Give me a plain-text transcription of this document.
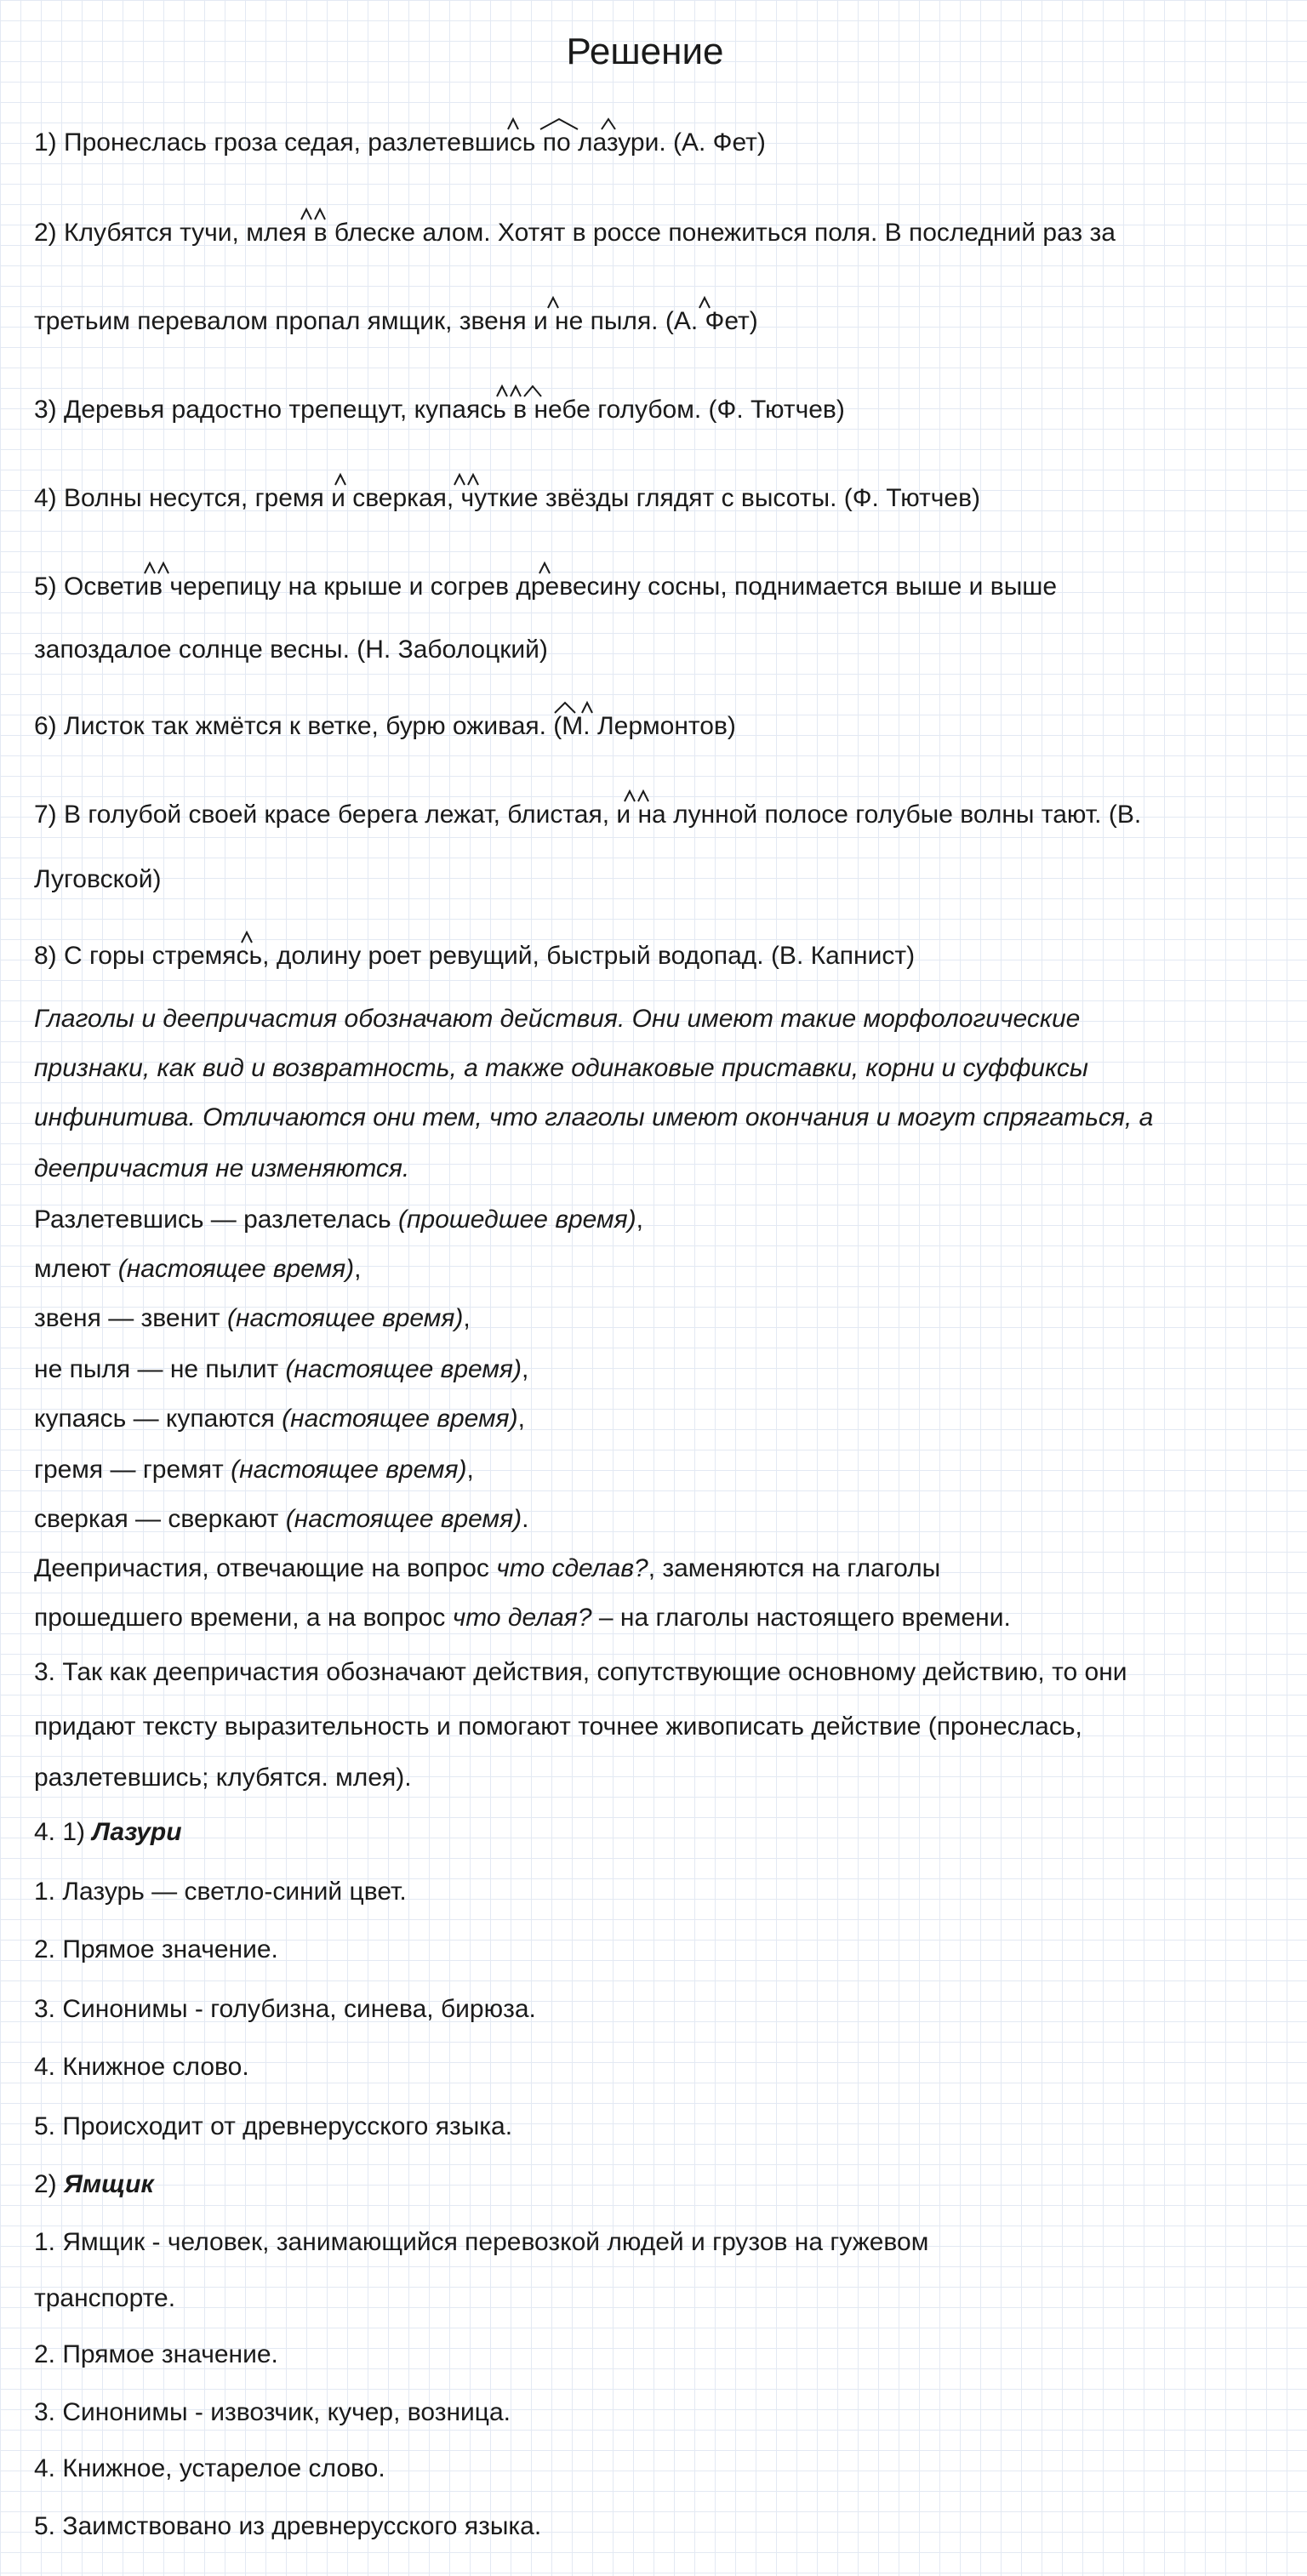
Решение
1) Пронеслась гроза седая, разлетевшись по лазури. (А. Фет)
2) Клубятся тучи, млея в блеске алом. Хотят в россе понежиться поля. В последний раз за
третьим перевалом пропал ямщик, звеня и не пыля. (А. Фет)
3) Деревья радостно трепещут, купаясь в небе голубом. (Ф. Тютчев)
4) Волны несутся, гремя и сверкая, чуткие звёзды глядят с высоты. (Ф. Тютчев)
5) Осветив черепицу на крыше и согрев древесину сосны, поднимается выше и выше
запоздалое солнце весны. (Н. Заболоцкий)
6) Листок так жмётся к ветке, бурю оживая. (М. Лермонтов)
7) В голубой своей красе берега лежат, блистая, и на лунной полосе голубые волны тают. (В.
Луговской)
8) С горы стремясь, долину роет ревущий, быстрый водопад. (В. Капнист)
Глаголы и деепричастия обозначают действия. Они имеют такие морфологические
признаки, как вид и возвратность, а также одинаковые приставки, корни и суффиксы
инфинитива. Отличаются они тем, что глаголы имеют окончания и могут спрягаться, а
деепричастия не изменяются.
Разлетевшись — разлетелась (прошедшее время),
млеют (настоящее время),
звеня — звенит (настоящее время),
не пыля — не пылит (настоящее время),
купаясь — купаются (настоящее время),
гремя — гремят (настоящее время),
сверкая — сверкают (настоящее время).
Деепричастия, отвечающие на вопрос что сделав?, заменяются на глаголы
прошедшего времени, а на вопрос что делая? – на глаголы настоящего времени.
3. Так как деепричастия обозначают действия, сопутствующие основному действию, то они
придают тексту выразительность и помогают точнее живописать действие (пронеслась,
разлетевшись; клубятся. млея).
4. 1) Лазури
1. Лазурь — светло-синий цвет.
2. Прямое значение.
3. Синонимы - голубизна, синева, бирюза.
4. Книжное слово.
5. Происходит от древнерусского языка.
2) Ямщик
1. Ямщик - человек, занимающийся перевозкой людей и грузов на гужевом
транспорте.
2. Прямое значение.
3. Синонимы - извозчик, кучер, возница.
4. Книжное, устарелое слово.
5. Заимствовано из древнерусского языка.
